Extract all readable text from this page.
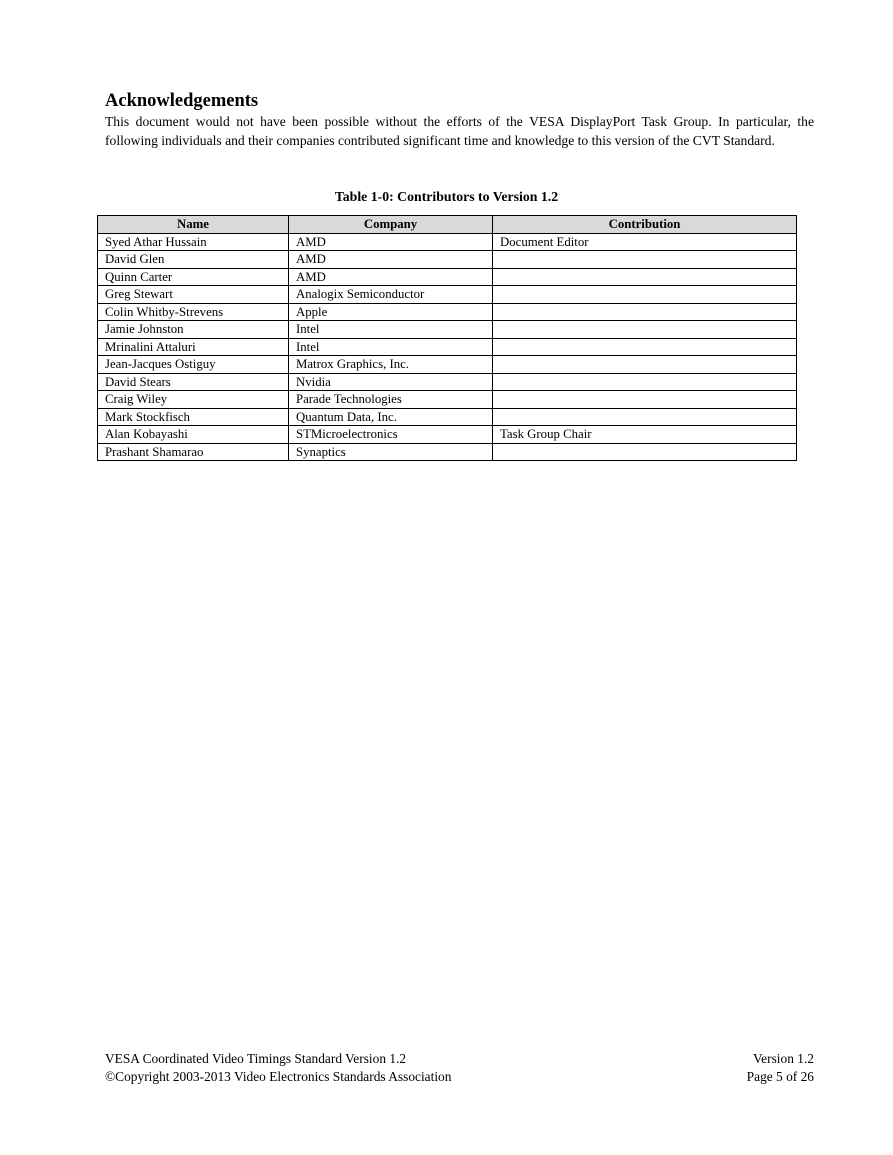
Acknowledgements

This document would not have been possible without the efforts of the VESA DisplayPort Task Group. In particular, the following individuals and their companies contributed significant time and knowledge to this version of the CVT Standard.

Table 1-0: Contributors to Version 1.2
Name	Company	Contribution
Syed Athar Hussain	AMD	Document Editor
David Glen	AMD	
Quinn Carter	AMD	
Greg Stewart	Analogix Semiconductor	
Colin Whitby-Strevens	Apple	
Jamie Johnston	Intel	
Mrinalini Attaluri	Intel	
Jean-Jacques Ostiguy	Matrox Graphics, Inc.	
David Stears	Nvidia	
Craig Wiley	Parade Technologies	
Mark Stockfisch	Quantum Data, Inc.	
Alan Kobayashi	STMicroelectronics	Task Group Chair
Prashant Shamarao	Synaptics	
VESA Coordinated Video Timings Standard Version 1.2
©Copyright 2003-2013 Video Electronics Standards Association
Version 1.2
Page 5 of 26
